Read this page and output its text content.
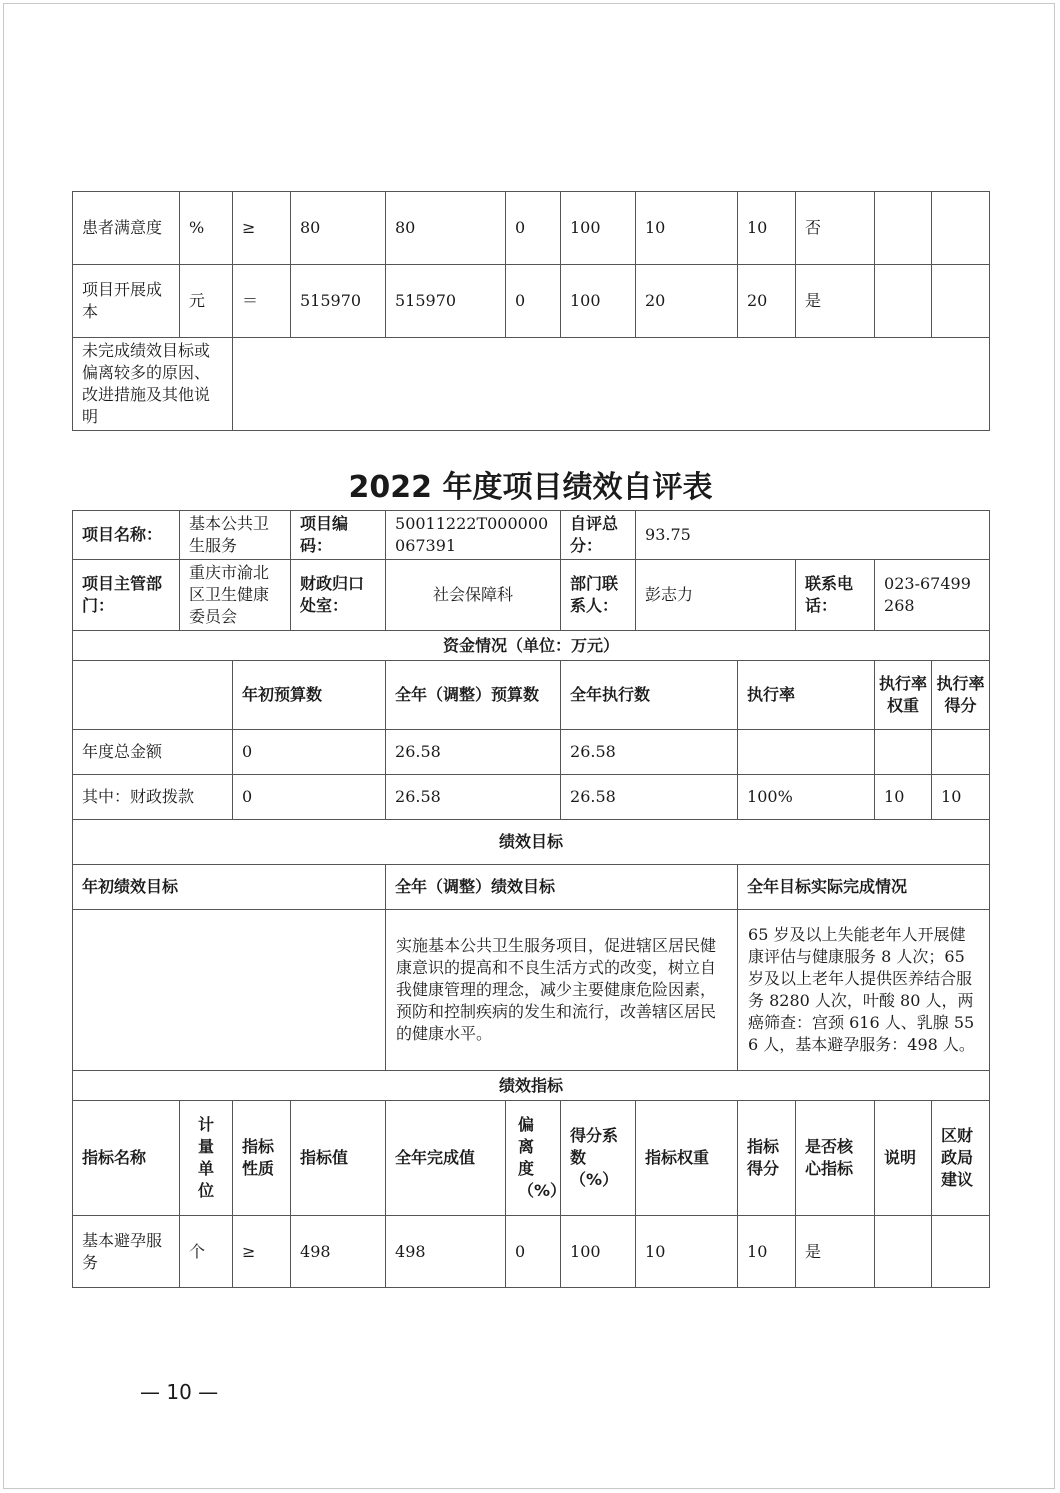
患者满意度	%	≥	80	80	0	100	10	10	否		
项目开展成本	元	＝	515970	515970	0	100	20	20	是		
未完成绩效目标或偏离较多的原因、改进措施及其他说明											
2022 年度项目绩效自评表
项目名称：	基本公共卫生服务		项目编码：	50011222T000000067391		自评总分：	93.75				
项目主管部门：	重庆市渝北区卫生健康委员会		财政归口处室：	社会保障科		部门联系人：	彭志力		联系电话：	023-67499268	
资金情况（单位：万元）											
		年初预算数		全年（调整）预算数		全年执行数		执行率		执行率权重	执行率得分
年度总金额		0		26.58		26.58					
其中：财政拨款		0		26.58		26.58		100%		10	10
绩效目标											
年初绩效目标				全年（调整）绩效目标				全年目标实际完成情况			
				实施基本公共卫生服务项目，促进辖区居民健康意识的提高和不良生活方式的改变，树立自我健康管理的理念，减少主要健康危险因素，预防和控制疾病的发生和流行，改善辖区居民的健康水平。				65 岁及以上失能老年人开展健康评估与健康服务 8 人次；65 岁及以上老年人提供医养结合服务 8280 人次，叶酸 80 人，两癌筛查：宫颈 616 人、乳腺 556 人，基本避孕服务：498 人。			
绩效指标											
指标名称	计量单位	指标性质	指标值	全年完成值	偏离度（%）	得分系数（%）	指标权重	指标得分	是否核心指标	说明	区财政局建议
基本避孕服务	个	≥	498	498	0	100	10	10	是		
— 10 —
